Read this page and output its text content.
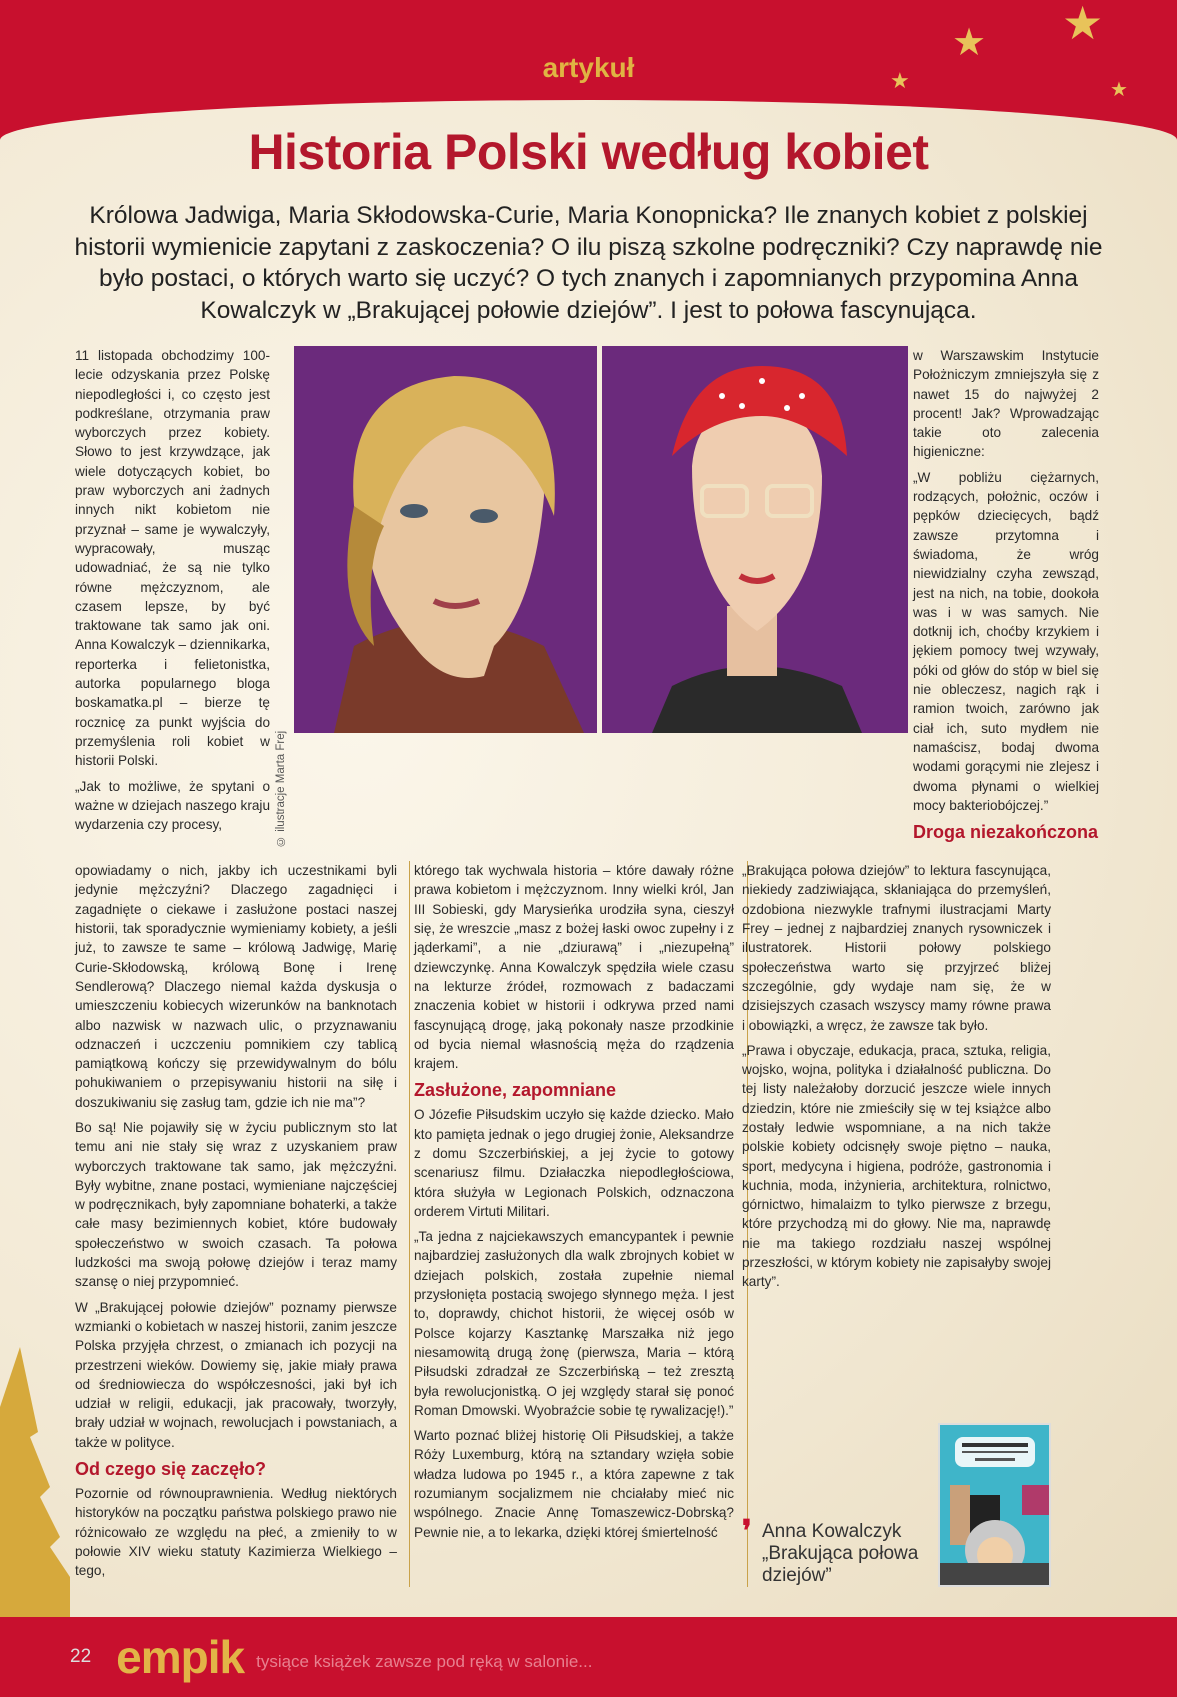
★
★
★	★
artykuł
Historia Polski według kobiet

Królowa Jadwiga, Maria Skłodowska-Curie, Maria Konopnicka? Ile znanych kobiet z polskiej historii wymienicie zapytani z zaskoczenia? O ilu piszą szkolne podręczniki? Czy naprawdę nie było postaci, o których warto się uczyć? O tych znanych i zapomnianych przypomina Anna Kowalczyk w „Brakującej połowie dziejów”. I jest to połowa fascynująca.

11 listopada obchodzimy 100-lecie odzyskania przez Polskę niepodległości i, co często jest podkreślane, otrzymania praw wyborczych przez kobiety. Słowo to jest krzywdzące, jak wiele dotyczących kobiet, bo praw wyborczych ani żadnych innych nikt kobietom nie przyznał – same je wywalczyły, wypracowały, musząc udowadniać, że są nie tylko równe mężczyznom, ale czasem lepsze, by być traktowane tak samo jak oni. Anna Kowalczyk – dziennikarka, reporterka i felietonistka, autorka popularnego bloga boskamatka.pl – bierze tę rocznicę za punkt wyjścia do przemyślenia roli kobiet w historii Polski.

„Jak to możliwe, że spytani o ważne w dziejach naszego kraju wydarzenia czy procesy,	© ilustracje Marta Frej

w Warszawskim Instytucie Położniczym zmniejszyła się z nawet 15 do najwyżej 2 procent! Jak? Wprowadzając takie oto zalecenia higieniczne:

„W pobliżu ciężarnych, rodzących, położnic, oczów i pępków dziecięcych, bądź zawsze przytomna i świadoma, że wróg niewidzialny czyha zewsząd, jest na nich, na tobie, dookoła was i w was samych. Nie dotknij ich, choćby krzykiem i jękiem pomocy twej wzywały, póki od głów do stóp w biel się nie obleczesz, nagich rąk i ramion twoich, zarówno jak ciał ich, suto mydłem nie namaścisz, bodaj dwoma wodami gorącymi nie zlejesz i dwoma płynami o wielkiej mocy bakteriobójczej.”

Droga niezakończona

opowiadamy o nich, jakby ich uczestnikami byli jedynie mężczyźni? Dlaczego zagadnięci i zagadnięte o ciekawe i zasłużone postaci naszej historii, tak sporadycznie wymieniamy kobiety, a jeśli już, to zawsze te same – królową Jadwigę, Marię Curie-Skłodowską, królową Bonę i Irenę Sendlerową? Dlaczego niemal każda dyskusja o umieszczeniu kobiecych wizerunków na banknotach albo nazwisk w nazwach ulic, o przyznawaniu odznaczeń i uczczeniu pomnikiem czy tablicą pamiątkową kończy się przewidywalnym do bólu pohukiwaniem o przepisywaniu historii na siłę i doszukiwaniu się zasług tam, gdzie ich nie ma”?

Bo są! Nie pojawiły się w życiu publicznym sto lat temu ani nie stały się wraz z uzyskaniem praw wyborczych traktowane tak samo, jak mężczyźni. Były wybitne, znane postaci, wymieniane najczęściej w podręcznikach, były zapomniane bohaterki, a także całe masy bezimiennych kobiet, które budowały społeczeństwo w swoich czasach. Ta połowa ludzkości ma swoją połowę dziejów i teraz mamy szansę o niej przypomnieć.

W „Brakującej połowie dziejów” poznamy pierwsze wzmianki o kobietach w naszej historii, zanim jeszcze Polska przyjęła chrzest, o zmianach ich pozycji na przestrzeni wieków. Dowiemy się, jakie miały prawa od średniowiecza do współczesności, jaki był ich udział w religii, edukacji, jak pracowały, tworzyły, brały udział w wojnach, rewolucjach i powstaniach, a także w polityce.

Od czego się zaczęło?

Pozornie od równouprawnienia. Według niektórych historyków na początku państwa polskiego prawo nie różnicowało ze względu na płeć, a zmieniły to w połowie XIV wieku statuty Kazimierza Wielkiego – tego,

którego tak wychwala historia – które dawały różne prawa kobietom i mężczyznom. Inny wielki król, Jan III Sobieski, gdy Marysieńka urodziła syna, cieszył się, że wreszcie „masz z bożej łaski owoc zupełny i z jąderkami”, a nie „dziurawą” i „niezupełną” dziewczynkę. Anna Kowalczyk spędziła wiele czasu na lekturze źródeł, rozmowach z badaczami znaczenia kobiet w historii i odkrywa przed nami fascynującą drogę, jaką pokonały nasze przodkinie od bycia niemal własnością męża do rządzenia krajem.

Zasłużone, zapomniane

O Józefie Piłsudskim uczyło się każde dziecko. Mało kto pamięta jednak o jego drugiej żonie, Aleksandrze z domu Szczerbińskiej, a jej życie to gotowy scenariusz filmu. Działaczka niepodległościowa, która służyła w Legionach Polskich, odznaczona orderem Virtuti Militari.

„Ta jedna z najciekawszych emancypantek i pewnie najbardziej zasłużonych dla walk zbrojnych kobiet w dziejach polskich, została zupełnie niemal przysłonięta postacią swojego słynnego męża. I jest to, doprawdy, chichot historii, że więcej osób w Polsce kojarzy Kasztankę Marszałka niż jego niesamowitą drugą żonę (pierwsza, Maria – którą Piłsudski zdradzał ze Szczerbińską – też zresztą była rewolucjonistką. O jej względy starał się ponoć Roman Dmowski. Wyobraźcie sobie tę rywalizację!).”

Warto poznać bliżej historię Oli Piłsudskiej, a także Róży Luxemburg, którą na sztandary wzięła sobie władza ludowa po 1945 r., a która zapewne z tak rozumianym socjalizmem nie chciałaby mieć nic wspólnego. Znacie Annę Tomaszewicz-Dobrską? Pewnie nie, a to lekarka, dzięki której śmiertelność

„Brakująca połowa dziejów” to lektura fascynująca, niekiedy zadziwiająca, skłaniająca do przemyśleń, ozdobiona niezwykle trafnymi ilustracjami Marty Frey – jednej z najbardziej znanych rysowniczek i ilustratorek. Historii połowy polskiego społeczeństwa warto się przyjrzeć bliżej szczególnie, gdy wydaje nam się, że w dzisiejszych czasach wszyscy mamy równe prawa i obowiązki, a wręcz, że zawsze tak było.

„Prawa i obyczaje, edukacja, praca, sztuka, religia, wojsko, wojna, polityka i działalność publiczna. Do tej listy należałoby dorzucić jeszcze wiele innych dziedzin, które nie zmieściły się w tej książce albo zostały ledwie wspomniane, a na nich także polskie kobiety odcisnęły swoje piętno – nauka, sport, medycyna i higiena, podróże, gastronomia i kuchnia, moda, inżynieria, architektura, rolnictwo, górnictwo, himalaizm to tylko pierwsze z brzegu, które przychodzą mi do głowy. Nie ma, naprawdę nie ma takiego rozdziału naszej wspólnej przeszłości, w którym kobiety nie zapisałyby swojej karty”.

❜ Anna Kowalczyk
„Brakująca połowa
dziejów”
22 empik tysiące książek zawsze pod ręką w salonie...
